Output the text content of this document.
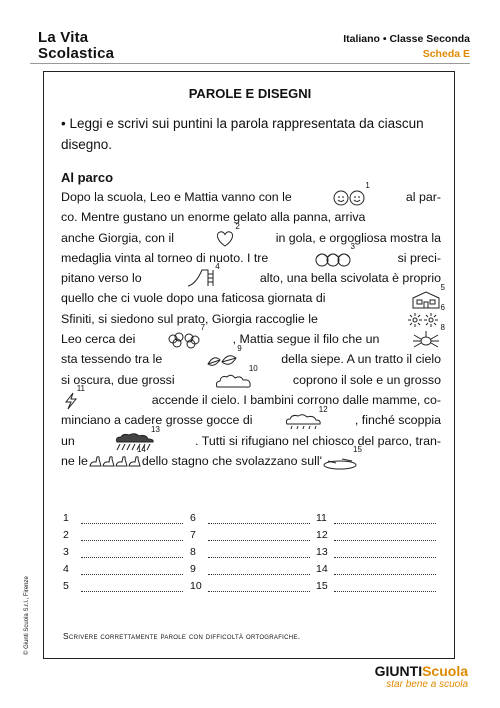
La Vita
Scolastica
Italiano • Classe Seconda
Scheda E
PAROLE E DISEGNI
• Leggi e scrivi sui puntini la parola rappresentata da ciascun disegno.
Al parco
Dopo la scuola, Leo e Mattia vanno con le
1
al par-
co. Mentre gustano un enorme gelato alla panna, arriva
anche Giorgia, con il
2
in gola, e orgogliosa mostra la
medaglia vinta al torneo di nuoto. I tre
3
si preci-
pitano verso lo
4
alto, una bella scivolata è proprio
quello che ci vuole dopo una faticosa giornata di
5
Sfiniti, si siedono sul prato, Giorgia raccoglie le
6
Leo cerca dei
7
, Mattia segue il filo che un
8
sta tessendo tra le
9
della siepe. A un tratto il cielo
si oscura, due grossi
10
coprono il sole e un grosso
11
accende il cielo. I bambini corrono dalle mamme, co-
minciano a cadere grosse gocce di
12
, finché scoppia
un
13
. Tutti si rifugiano nel chiosco del parco, tran-
ne le
14
dello stagno che svolazzano sull'
15
1	6	11
2	7	12
3	8	13
4	9	14
5	10	15
Scrivere correttamente parole con difficoltà ortografiche.
© Giunti Scuola S.r.l., Firenze
GIUNTIScuola
star bene a scuola
